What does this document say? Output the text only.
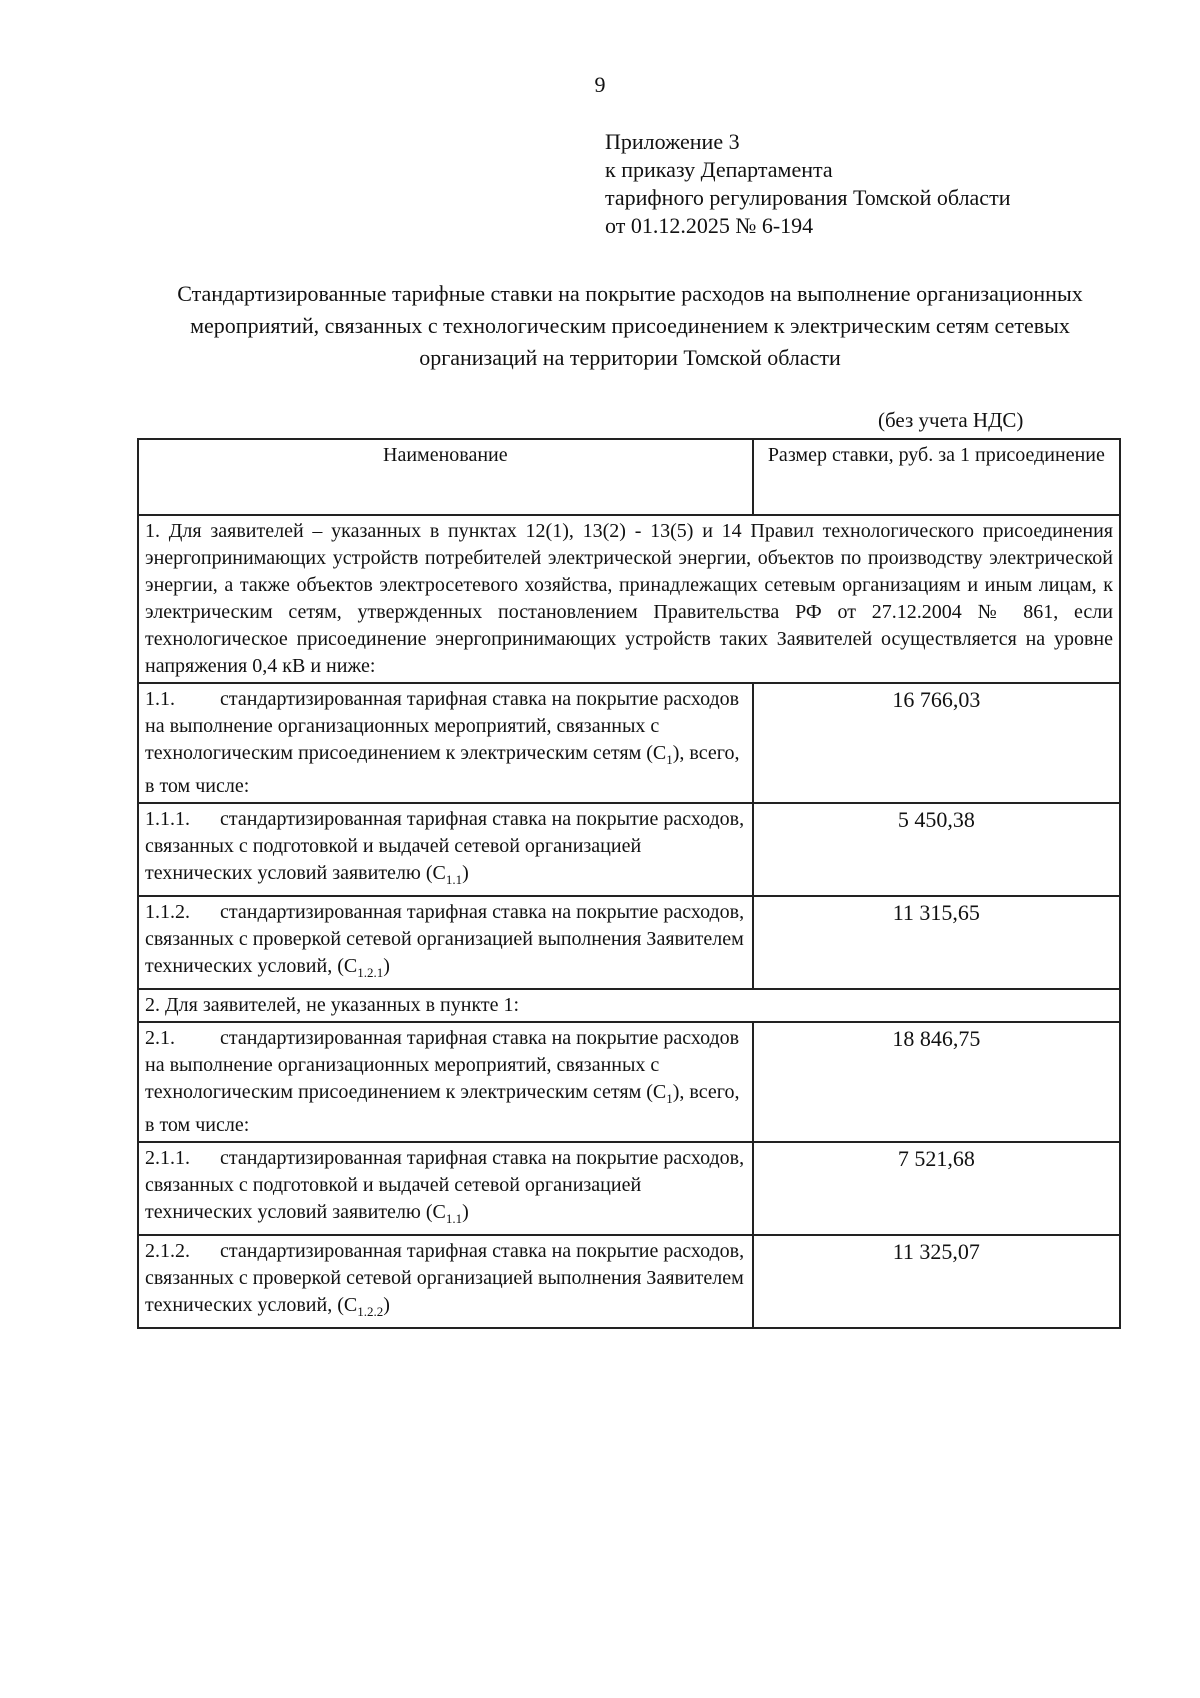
9
Приложение 3
к приказу Департамента
тарифного регулирования Томской области
от 01.12.2025 № 6-194
Стандартизированные тарифные ставки на покрытие расходов на выполнение организационных мероприятий, связанных с технологическим присоединением к электрическим сетям сетевых организаций на территории Томской области
(без учета НДС)
Наименование	Размер ставки, руб. за 1 присоединение
1. Для заявителей – указанных в пунктах 12(1), 13(2) - 13(5) и 14 Правил технологического присоединения энергопринимающих устройств потребителей электрической энергии, объектов по производству электрической энергии, а также объектов электросетевого хозяйства, принадлежащих сетевым организациям и иным лицам, к электрическим сетям, утвержденных постановлением Правительства РФ от 27.12.2004 № 861, если технологическое присоединение энергопринимающих устройств таких Заявителей осуществляется на уровне напряжения 0,4 кВ и ниже:	
1.1. стандартизированная тарифная ставка на покрытие расходов на выполнение организационных мероприятий, связанных с технологическим присоединением к электрическим сетям $(C_1)$, всего, в том числе:	16 766,03
1.1.1. стандартизированная тарифная ставка на покрытие расходов, связанных с подготовкой и выдачей сетевой организацией технических условий заявителю $(C_{1.1})$	5 450,38
1.1.2. стандартизированная тарифная ставка на покрытие расходов, связанных с проверкой сетевой организацией выполнения Заявителем технических условий, $(C_{1.2.1})$	11 315,65
2. Для заявителей, не указанных в пункте 1:	
2.1. стандартизированная тарифная ставка на покрытие расходов на выполнение организационных мероприятий, связанных с технологическим присоединением к электрическим сетям $(C_1)$, всего, в том числе:	18 846,75
2.1.1. стандартизированная тарифная ставка на покрытие расходов, связанных с подготовкой и выдачей сетевой организацией технических условий заявителю $(C_{1.1})$	7 521,68
2.1.2. стандартизированная тарифная ставка на покрытие расходов, связанных с проверкой сетевой организацией выполнения Заявителем технических условий, $(C_{1.2.2})$	11 325,07
